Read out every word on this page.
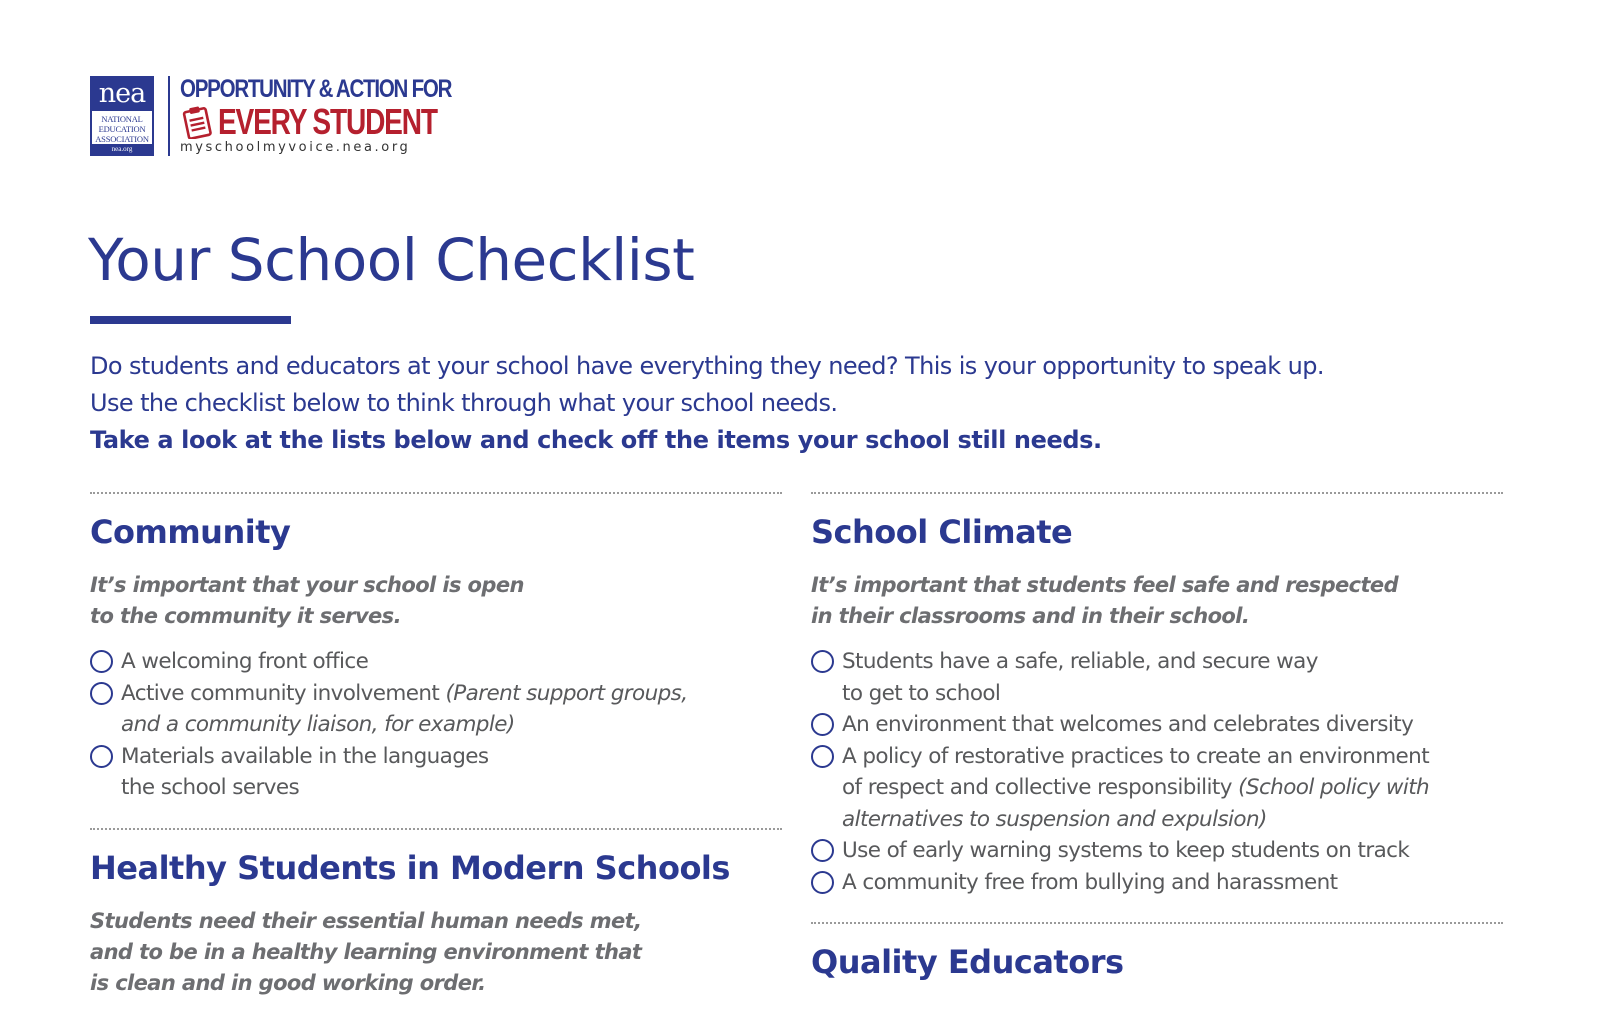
nea
NATIONAL
EDUCATION
ASSOCIATION
nea.org
OPPORTUNITY & ACTION FOR
EVERY STUDENT
myschoolmyvoice.nea.org
Your School Checklist
Do students and educators at your school have everything they need? This is your opportunity to speak up.
Use the checklist below to think through what your school needs.
Take a look at the lists below and check off the items your school still needs.
Community
It’s important that your school is open
to the community it serves.
A welcoming front office
Active community involvement (Parent support groups,
and a community liaison, for example)
Materials available in the languages
the school serves
Healthy Students in Modern Schools
Students need their essential human needs met,
and to be in a healthy learning environment that
is clean and in good working order.
School Climate
It’s important that students feel safe and respected
in their classrooms and in their school.
Students have a safe, reliable, and secure way
to get to school
An environment that welcomes and celebrates diversity
A policy of restorative practices to create an environment
of respect and collective responsibility (School policy with
alternatives to suspension and expulsion)
Use of early warning systems to keep students on track
A community free from bullying and harassment
Quality Educators
